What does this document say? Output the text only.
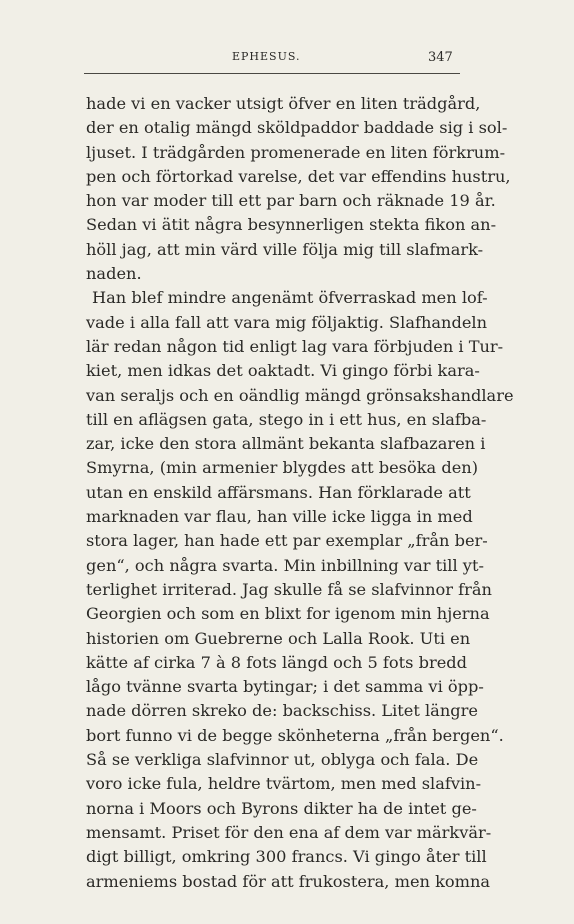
EPHESUS.	347
hade vi en vacker utsigt öfver en liten trädgård,
der en otalig mängd sköldpaddor baddade sig i sol-
ljuset. I trädgården promenerade en liten förkrum-
pen och förtorkad varelse, det var effendins hustru,
hon var moder till ett par barn och räknade 19 år.
Sedan vi ätit några besynnerligen stekta fikon an-
höll jag, att min värd ville följa mig till slafmark-
naden.
Han blef mindre angenämt öfverraskad men lof-
vade i alla fall att vara mig följaktig. Slafhandeln
lär redan någon tid enligt lag vara förbjuden i Tur-
kiet, men idkas det oaktadt. Vi gingo förbi kara-
van seraljs och en oändlig mängd grönsakshandlare
till en aflägsen gata, stego in i ett hus, en slafba-
zar, icke den stora allmänt bekanta slafbazaren i
Smyrna, (min armenier blygdes att besöka den)
utan en enskild affärsmans. Han förklarade att
marknaden var flau, han ville icke ligga in med
stora lager, han hade ett par exemplar „från ber-
gen“, och några svarta. Min inbillning var till yt-
terlighet irriterad. Jag skulle få se slafvinnor från
Georgien och som en blixt for igenom min hjerna
historien om Guebrerne och Lalla Rook. Uti en
kätte af cirka 7 à 8 fots längd och 5 fots bredd
lågo tvänne svarta bytingar; i det samma vi öpp-
nade dörren skreko de: backschiss. Litet längre
bort funno vi de begge skönheterna „från bergen“.
Så se verkliga slafvinnor ut, oblyga och fala. De
voro icke fula, heldre tvärtom, men med slafvin-
norna i Moors och Byrons dikter ha de intet ge-
mensamt. Priset för den ena af dem var märkvär-
digt billigt, omkring 300 francs. Vi gingo åter till
armeniems bostad för att frukostera, men komna
